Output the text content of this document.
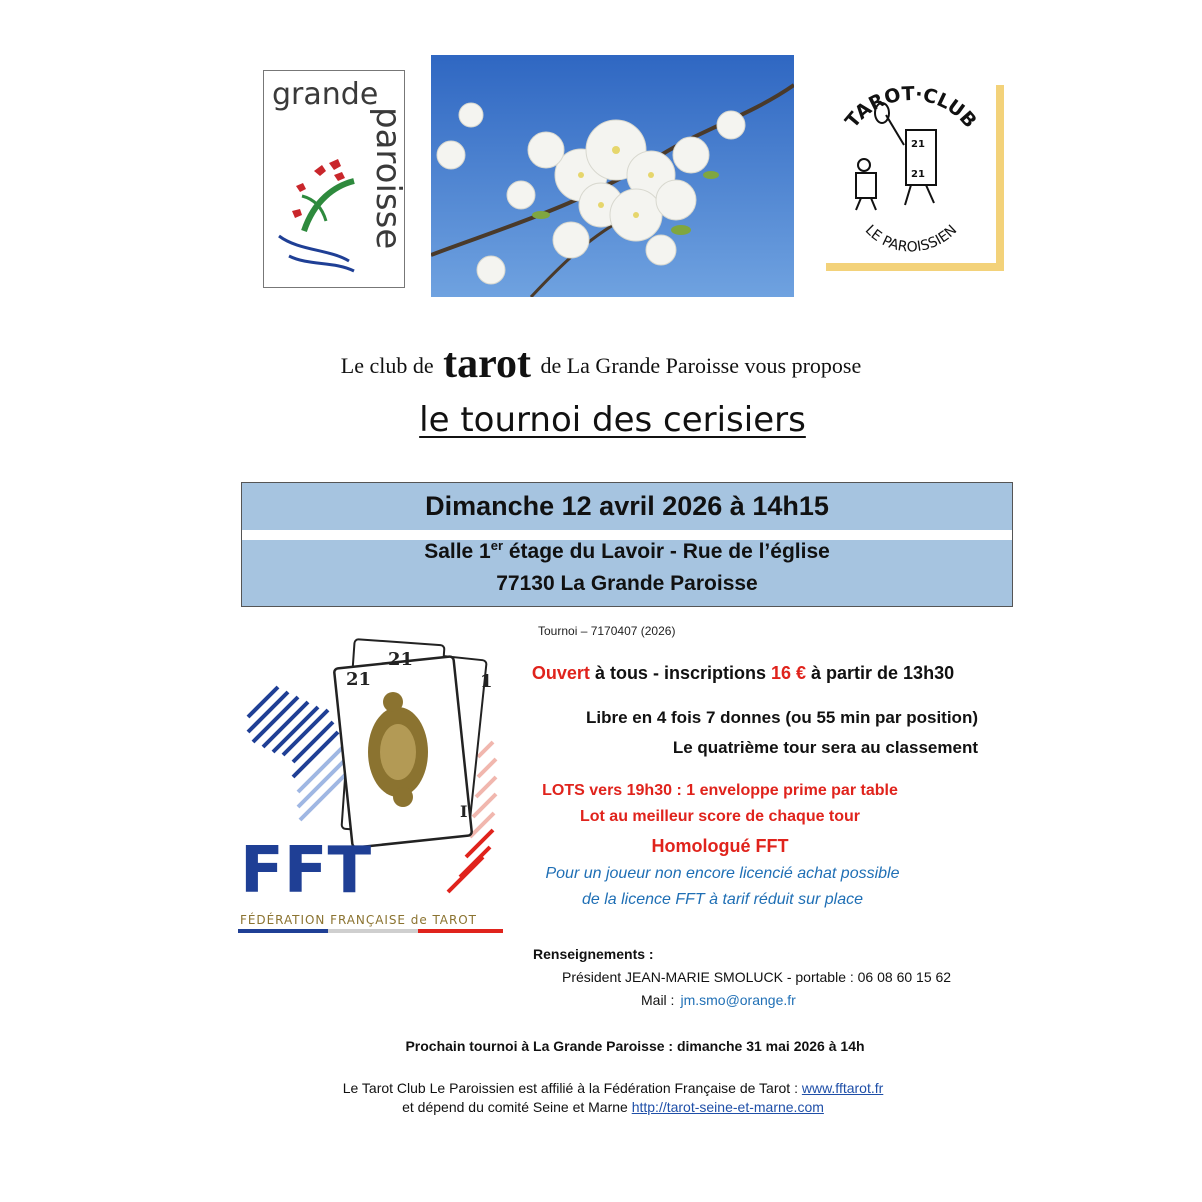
grande
paroisse	TAROT·CLUB
LE PAROISSIEN
21
21
Le club de tarot de La Grande Paroisse vous propose
le tournoi des cerisiers
Dimanche 12 avril 2026 à 14h15
Salle 1er étage du Lavoir - Rue de l’église
77130 La Grande Paroisse
Tournoi – 7170407 (2026)
21
21
1
I
FFT
FÉDÉRATION FRANÇAISE de TAROT
Ouvert à tous - inscriptions 16 € à partir de 13h30
Libre en 4 fois 7 donnes (ou 55 min par position)
Le quatrième tour sera au classement
LOTS vers 19h30 : 1 enveloppe prime par table
Lot au meilleur score de chaque tour
Homologué FFT
Pour un joueur non encore licencié achat possible
de la licence FFT à tarif réduit sur place
Renseignements :
Président JEAN-MARIE SMOLUCK - portable : 06 08 60 15 62
Mail : jm.smo@orange.fr
Prochain tournoi à La Grande Paroisse : dimanche 31 mai 2026 à 14h
Le Tarot Club Le Paroissien est affilié à la Fédération Française de Tarot : www.fftarot.fr
et dépend du comité Seine et Marne http://tarot-seine-et-marne.com
